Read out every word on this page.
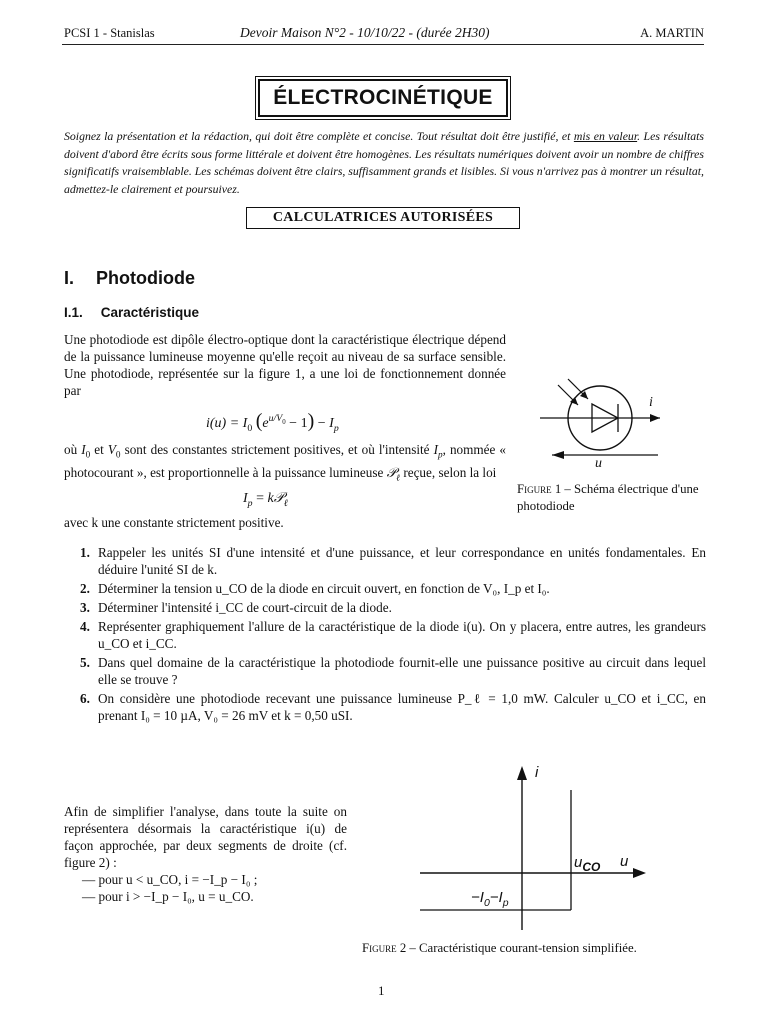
PCSI 1 - Stanislas	Devoir Maison N°2 - 10/10/22 - (durée 2H30)	A. MARTIN
ÉLECTROCINÉTIQUE
Soignez la présentation et la rédaction, qui doit être complète et concise. Tout résultat doit être justifié, et mis en valeur. Les résultats doivent d'abord être écrits sous forme littérale et doivent être homogènes. Les résultats numériques doivent avoir un nombre de chiffres significatifs vraisemblable. Les schémas doivent être clairs, suffisamment grands et lisibles. Si vous n'arrivez pas à montrer un résultat, admettez-le clairement et poursuivez.
CALCULATRICES AUTORISÉES
I. Photodiode
I.1. Caractéristique
Une photodiode est dipôle électro-optique dont la caractéristique électrique dépend de la puissance lumineuse moyenne qu'elle reçoit au niveau de sa surface sensible. Une photodiode, représentée sur la figure 1, a une loi de fonctionnement donnée par
$i(u) = I_0$ $(e^{u/V_0} - 1) - I_p$
où $I_0$ et $V_0$ sont des constantes strictement positives, et où l'intensité $I_p$, nommée « photocourant », est proportionnelle à la puissance lumineuse 𝒫$_\ell$ reçue, selon la loi
$I_p$ = k𝒫$_\ell$
avec k une constante strictement positive.
i
u
Figure 1 – Schéma électrique d'une photodiode
1. Rappeler les unités SI d'une intensité et d'une puissance, et leur correspondance en unités fondamentales. En déduire l'unité SI de k.
2. Déterminer la tension u_CO de la diode en circuit ouvert, en fonction de V₀, I_p et I₀.
3. Déterminer l'intensité i_CC de court-circuit de la diode.
4. Représenter graphiquement l'allure de la caractéristique de la diode i(u). On y placera, entre autres, les grandeurs u_CO et i_CC.
5. Dans quel domaine de la caractéristique la photodiode fournit-elle une puissance positive au circuit dans lequel elle se trouve ?
6. On considère une photodiode recevant une puissance lumineuse P_ℓ = 1,0 mW. Calculer u_CO et i_CC, en prenant I₀ = 10 µA, V₀ = 26 mV et k = 0,50 uSI.
Afin de simplifier l'analyse, dans toute la suite on représentera désormais la caractéristique i(u) de façon approchée, par deux segments de droite (cf. figure 2) :
— pour u < u_CO, i = −I_p − I₀ ;
— pour i > −I_p − I₀, u = u_CO.
i
$u_{CO}$ u
$-I_0-I_p$
Figure 2 – Caractéristique courant-tension simplifiée.
1
